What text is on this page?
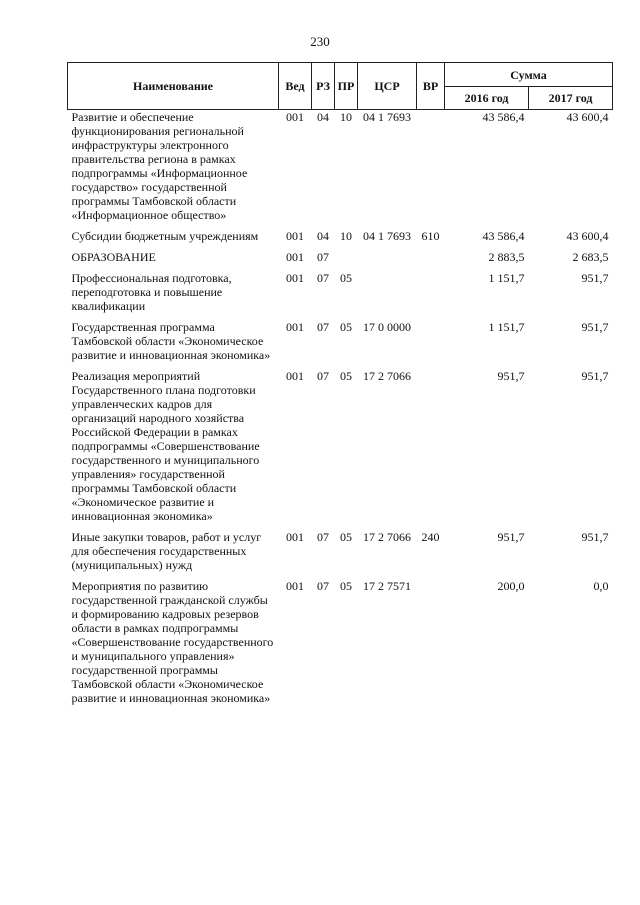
230
Наименование	Вед	РЗ	ПР	ЦСР	ВР	Сумма	
						2016 год	2017 год
Развитие и обеспечение функционирования региональной инфраструктуры электронного правительства региона в рамках подпрограммы «Информационное государство» государственной программы Тамбовской области «Информационное общество»	001	04	10	04 1 7693		43 586,4	43 600,4
Субсидии бюджетным учреждениям	001	04	10	04 1 7693	610	43 586,4	43 600,4
ОБРАЗОВАНИЕ	001	07				2 883,5	2 683,5
Профессиональная подготовка, переподготовка и повышение квалификации	001	07	05			1 151,7	951,7
Государственная программа Тамбовской области «Экономическое развитие и инновационная экономика»	001	07	05	17 0 0000		1 151,7	951,7
Реализация мероприятий Государственного плана подготовки управленческих кадров для организаций народного хозяйства Российской Федерации в рамках подпрограммы «Совершенствование государственного и муниципального управления» государственной программы Тамбовской области «Экономическое развитие и инновационная экономика»	001	07	05	17 2 7066		951,7	951,7
Иные закупки товаров, работ и услуг для обеспечения государственных (муниципальных) нужд	001	07	05	17 2 7066	240	951,7	951,7
Мероприятия по развитию государственной гражданской службы и формированию кадровых резервов области в рамках подпрограммы «Совершенствование государственного и муниципального управления» государственной программы Тамбовской области «Экономическое развитие и инновационная экономика»	001	07	05	17 2 7571		200,0	0,0
